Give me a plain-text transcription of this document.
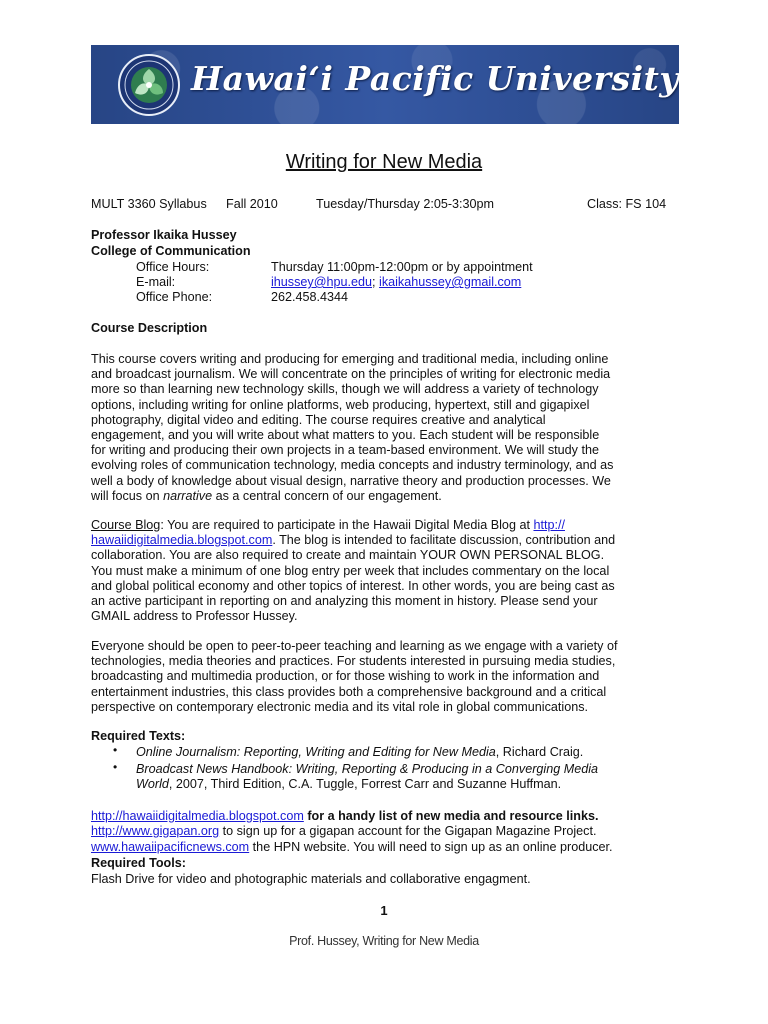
Hawai‘i Pacific University
Writing for New Media
MULT 3360 Syllabus Fall 2010	Tuesday/Thursday 2:05-3:30pm	Class: FS 104
Professor Ikaika Hussey
College of Communication
Office Hours:	Thursday 11:00pm-12:00pm or by appointment
E-mail:	ihussey@hpu.edu; ikaikahussey@gmail.com
Office Phone:	262.458.4344
Course Description
This course covers writing and producing for emerging and traditional media, including online
and broadcast journalism. We will concentrate on the principles of writing for electronic media
more so than learning new technology skills, though we will address a variety of technology
options, including writing for online platforms, web producing, hypertext, still and gigapixel
photography, digital video and editing. The course requires creative and analytical
engagement, and you will write about what matters to you. Each student will be responsible
for writing and producing their own projects in a team-based environment. We will study the
evolving roles of communication technology, media concepts and industry terminology, and as
well a body of knowledge about visual design, narrative theory and production processes. We
will focus on narrative as a central concern of our engagement.
Course Blog: You are required to participate in the Hawaii Digital Media Blog at http://
hawaiidigitalmedia.blogspot.com. The blog is intended to facilitate discussion, contribution and
collaboration. You are also required to create and maintain YOUR OWN PERSONAL BLOG.
You must make a minimum of one blog entry per week that includes commentary on the local
and global political economy and other topics of interest. In other words, you are being cast as
an active participant in reporting on and analyzing this moment in history. Please send your
GMAIL address to Professor Hussey.
Everyone should be open to peer-to-peer teaching and learning as we engage with a variety of
technologies, media theories and practices. For students interested in pursuing media studies,
broadcasting and multimedia production, or for those wishing to work in the information and
entertainment industries, this class provides both a comprehensive background and a critical
perspective on contemporary electronic media and its vital role in global communications.
Required Texts:
• Online Journalism: Reporting, Writing and Editing for New Media, Richard Craig.
• Broadcast News Handbook: Writing, Reporting & Producing in a Converging Media
World, 2007, Third Edition, C.A. Tuggle, Forrest Carr and Suzanne Huffman.
http://hawaiidigitalmedia.blogspot.com for a handy list of new media and resource links.
http://www.gigapan.org to sign up for a gigapan account for the Gigapan Magazine Project.
www.hawaiipacificnews.com the HPN website. You will need to sign up as an online producer.
Required Tools:
Flash Drive for video and photographic materials and collaborative engagment.
1
Prof. Hussey, Writing for New Media
